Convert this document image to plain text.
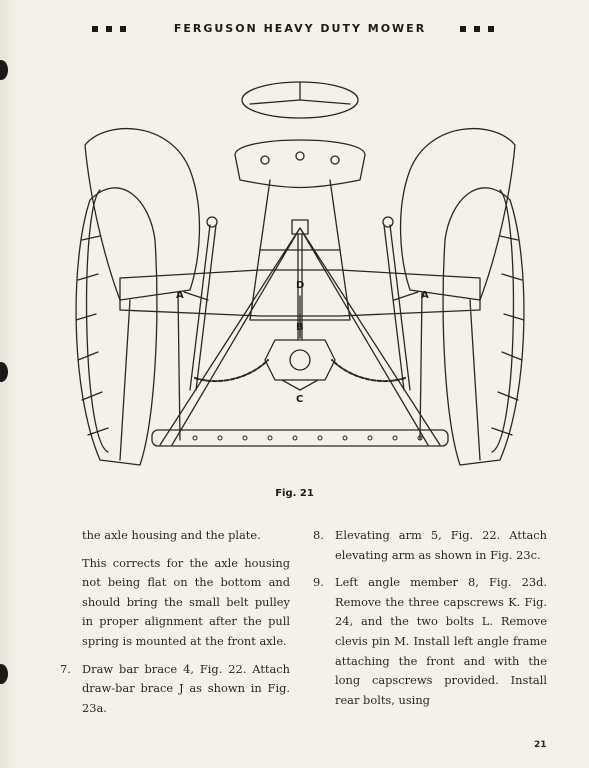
FERGUSON HEAVY DUTY MOWER
A	A
B
C
D
Fig. 21

the axle housing and the plate.

This corrects for the axle housing not being flat on the bottom and should bring the small belt pulley in proper alignment after the pull spring is mounted at the front axle.

7. Draw bar brace 4, Fig. 22. Attach draw-bar brace J as shown in Fig. 23a.
8. Elevating arm 5, Fig. 22. Attach elevating arm as shown in Fig. 23c.
9. Left angle member 8, Fig. 23d. Remove the three capscrews K. Fig. 24, and the two bolts L. Remove clevis pin M. Install left angle frame attaching the front and with the long capscrews provided. Install rear bolts, using
21
